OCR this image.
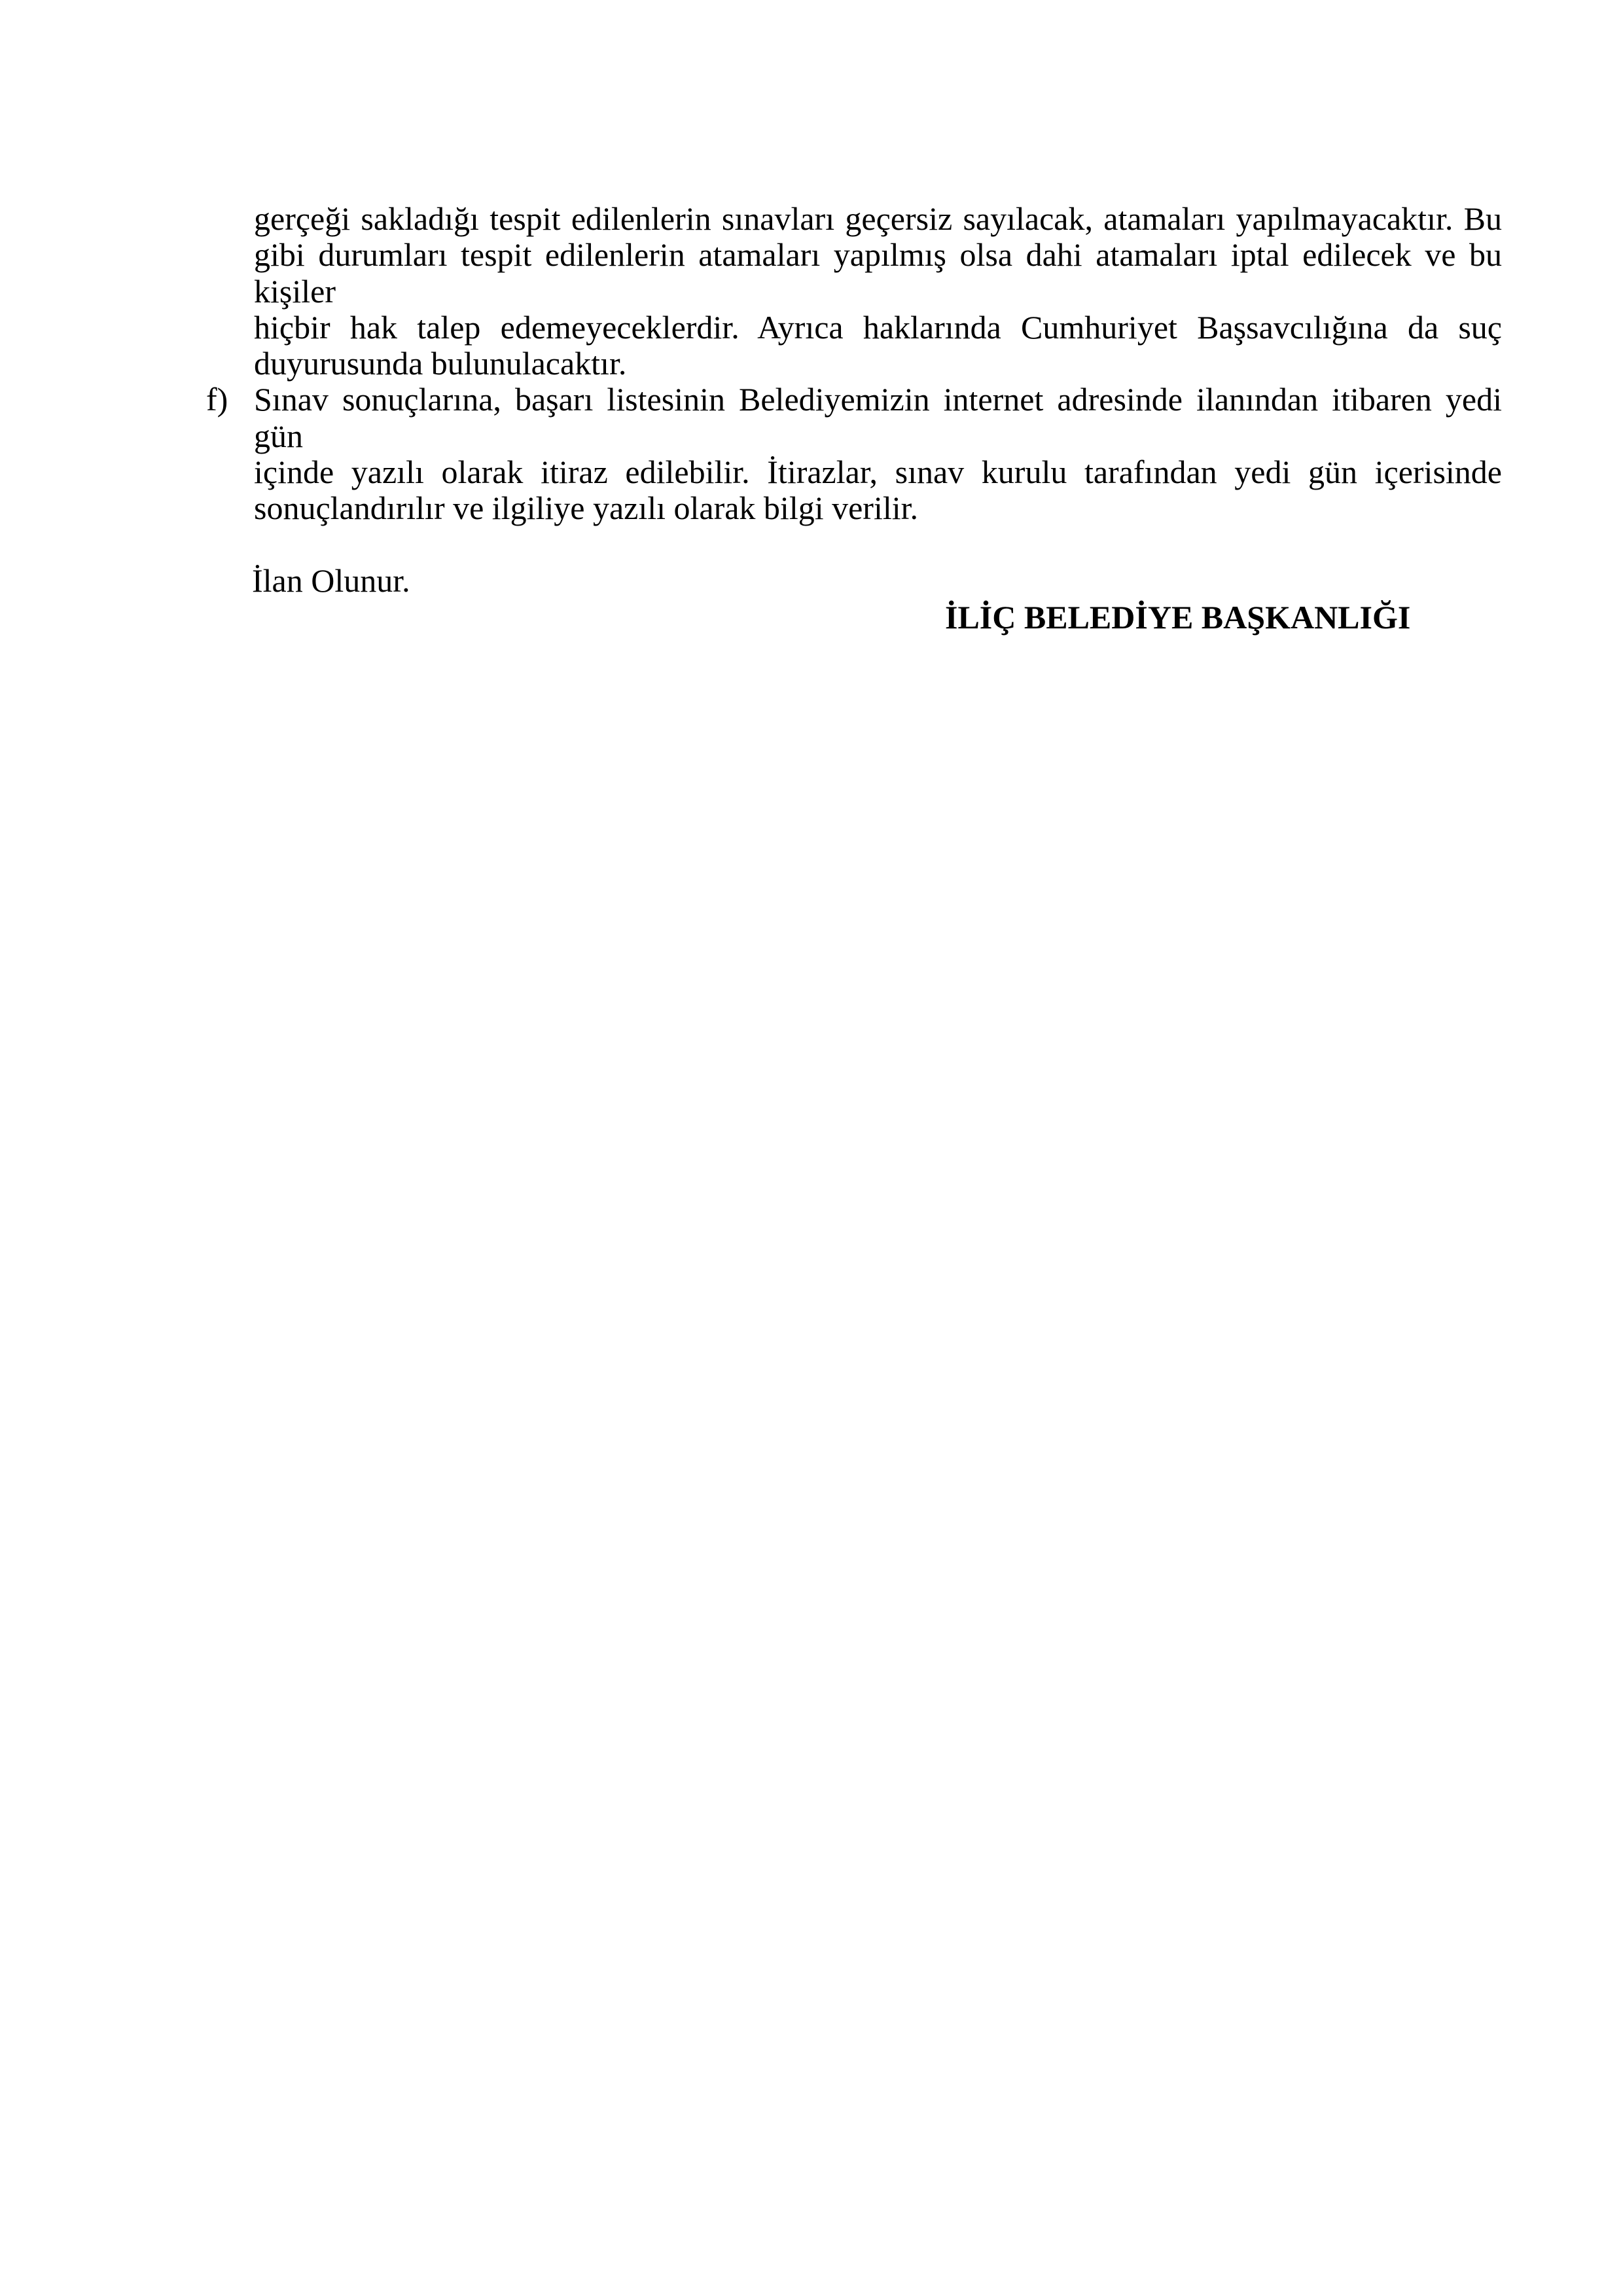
gerçeği sakladığı tespit edilenlerin sınavları geçersiz sayılacak, atamaları yapılmayacaktır. Bu
gibi durumları tespit edilenlerin atamaları yapılmış olsa dahi atamaları iptal edilecek ve bu kişiler
hiçbir hak talep edemeyeceklerdir. Ayrıca haklarında Cumhuriyet Başsavcılığına da suç
duyurusunda bulunulacaktır.
f) Sınav sonuçlarına, başarı listesinin Belediyemizin internet adresinde ilanından itibaren yedi gün
içinde yazılı olarak itiraz edilebilir. İtirazlar, sınav kurulu tarafından yedi gün içerisinde
sonuçlandırılır ve ilgiliye yazılı olarak bilgi verilir.
İlan Olunur.
İLİÇ BELEDİYE BAŞKANLIĞI
